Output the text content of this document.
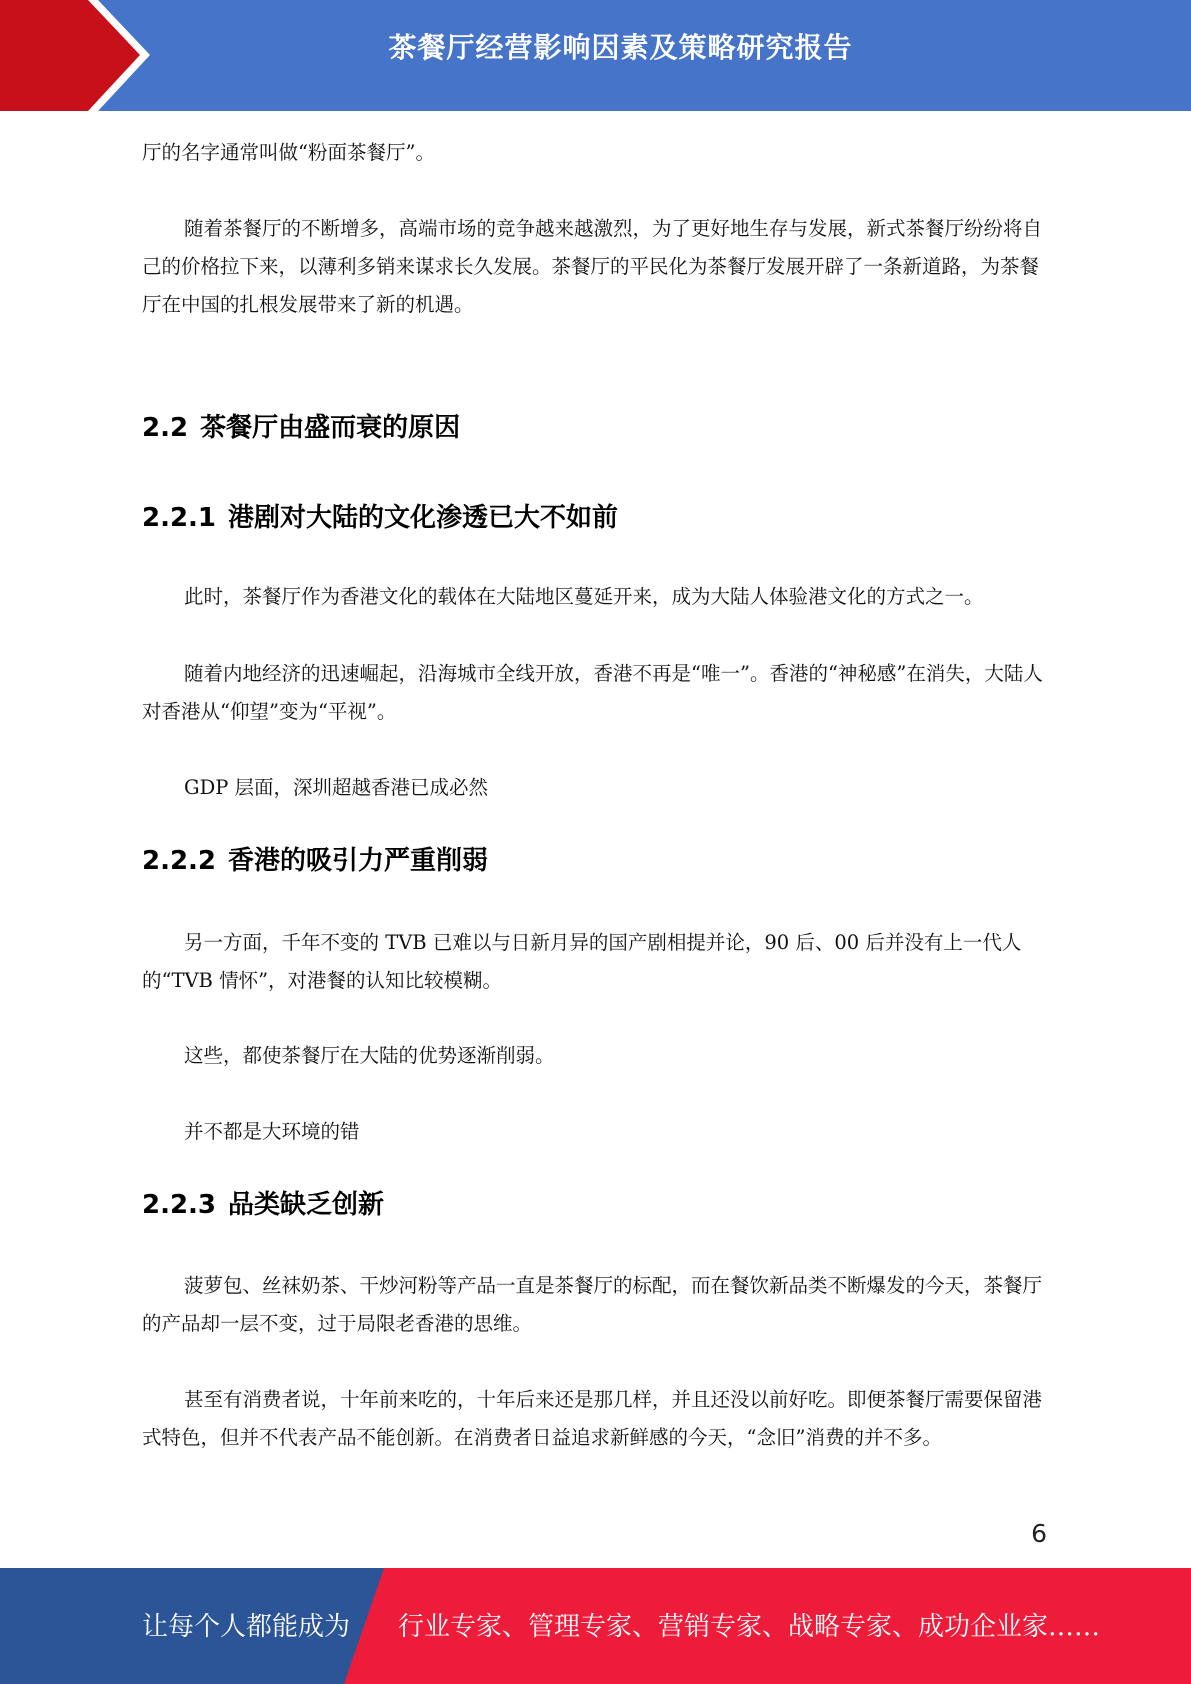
茶餐厅经营影响因素及策略研究报告

厅的名字通常叫做“粉面茶餐厅”。

随着茶餐厅的不断增多，高端市场的竞争越来越激烈，为了更好地生存与发展，新式茶餐厅纷纷将自己的价格拉下来，以薄利多销来谋求长久发展。茶餐厅的平民化为茶餐厅发展开辟了一条新道路，为茶餐厅在中国的扎根发展带来了新的机遇。

2.2 茶餐厅由盛而衰的原因
2.2.1 港剧对大陆的文化渗透已大不如前

此时，茶餐厅作为香港文化的载体在大陆地区蔓延开来，成为大陆人体验港文化的方式之一。

随着内地经济的迅速崛起，沿海城市全线开放，香港不再是“唯一”。香港的“神秘感”在消失，大陆人对香港从“仰望”变为“平视”。

GDP 层面，深圳超越香港已成必然

2.2.2 香港的吸引力严重削弱

另一方面，千年不变的 TVB 已难以与日新月异的国产剧相提并论，90 后、00 后并没有上一代人的“TVB 情怀”，对港餐的认知比较模糊。

这些，都使茶餐厅在大陆的优势逐渐削弱。

并不都是大环境的错

2.2.3 品类缺乏创新

菠萝包、丝袜奶茶、干炒河粉等产品一直是茶餐厅的标配，而在餐饮新品类不断爆发的今天，茶餐厅的产品却一层不变，过于局限老香港的思维。

甚至有消费者说，十年前来吃的，十年后来还是那几样，并且还没以前好吃。即便茶餐厅需要保留港式特色，但并不代表产品不能创新。在消费者日益追求新鲜感的今天，“念旧”消费的并不多。

6
让每个人都能成为 行业专家、管理专家、营销专家、战略专家、成功企业家……
